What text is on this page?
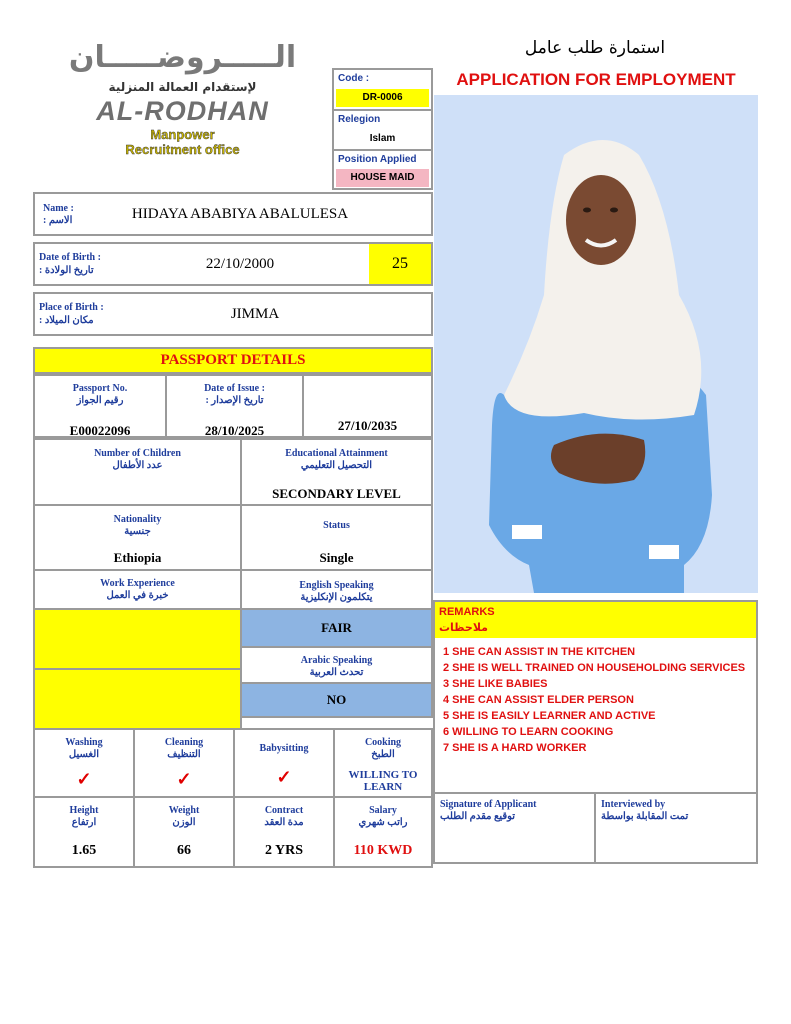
استمارة طلب عامل
APPLICATION FOR EMPLOYMENT
الـــــروضـــــان
لإستقدام العمالة المنزلية
AL-RODHAN
Manpower
Recruitment office
Code :
DR-0006
Relegion
Islam
Position Applied
HOUSE MAID
Name :
الاسم :	HIDAYA ABABIYA ABALULESA
Date of Birth :
تاريخ الولادة :	22/10/2000	25
Place of Birth :
مكان الميلاد :	JIMMA
PASSPORT DETAILS
Passport No.
رقيم الجواز
E00022096
Date of Issue :
تاريخ الإصدار :
28/10/2025	27/10/2035
Number of Children
عدد الأطفال
Educational Attainment
التحصيل التعليمي
SECONDARY LEVEL
Nationality
جنسية
Ethiopia
Status
Single
Work Experience
خبرة في العمل
English Speaking
يتكلمون الإنكليزية
FAIR
Arabic Speaking
تحدث العربية
NO
Washing
الغسيل
✓
Cleaning
التنظيف
✓
Babysitting
✓
Cooking
الطبخ
WILLING TO
LEARN
Height
ارتفاع
1.65
Weight
الوزن
66
Contract
مدة العقد
2 YRS
Salary
راتب شهري
110 KWD
REMARKS
ملاحظات
1 SHE CAN ASSIST IN THE KITCHEN
2 SHE IS WELL TRAINED ON HOUSEHOLDING SERVICES
3 SHE LIKE BABIES
4 SHE CAN ASSIST ELDER PERSON
5 SHE IS EASILY LEARNER AND ACTIVE
6 WILLING TO LEARN COOKING
7 SHE IS A HARD WORKER
Signature of Applicant
توقيع مقدم الطلب
Interviewed by
تمت المقابلة بواسطة
